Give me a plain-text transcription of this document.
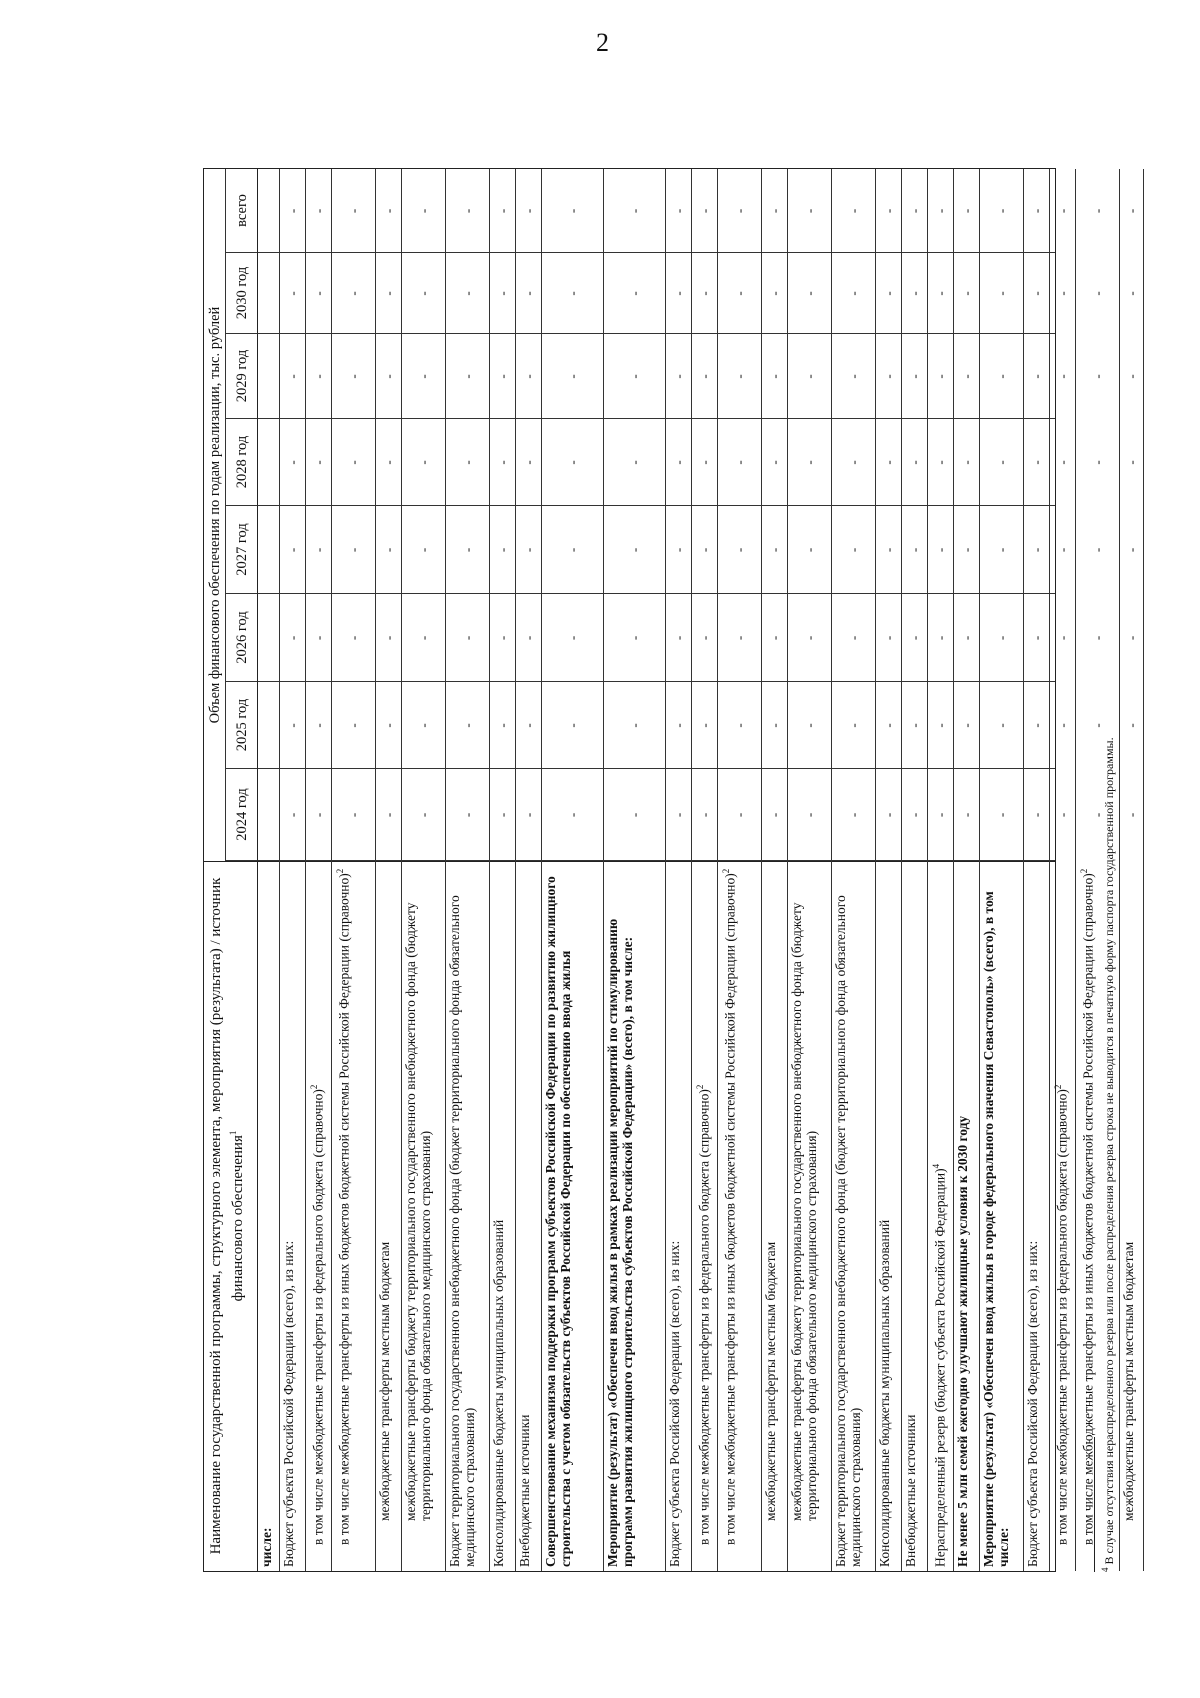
2
Наименование государственной программы, структурного элемента, мероприятия (результата) / источник финансового обеспечения$^1$
Объем финансового обеспечения по годам реализации, тыс. рублей
2024 год
2025 год
2026 год
2027 год
2028 год
2029 год
2030 год
всего
числе: Бюджет субъекта Российской Федерации (всего), из них:
-
-
-
-
-
-
-
-
в том числе межбюджетные трансферты из федерального бюджета (справочно)$^2$
-
-
-
-
-
-
-
-
в том числе межбюджетные трансферты из иных бюджетов бюджетной системы Российской Федерации (справочно)$^2$
-
-
-
-
-
-
-
-
межбюджетные трансферты местным бюджетам
-
-
-
-
-
-
-
-
межбюджетные трансферты бюджету территориального государственного внебюджетного фонда (бюджету территориального фонда обязательного медицинского страхования)
-
-
-
-
-
-
-
-
Бюджет территориального государственного внебюджетного фонда (бюджет территориального фонда обязательного медицинского страхования)
-
-
-
-
-
-
-
-
Консолидированные бюджеты муниципальных образований
-
-
-
-
-
-
-
-
Внебюджетные источники
-
-
-
-
-
-
-
-
Совершенствование механизма поддержки программ субъектов Российской Федерации по развитию жилищного строительства с учетом обязательств субъектов Российской Федерации по обеспечению ввода жилья
-
-
-
-
-
-
-
-
Мероприятие (результат) «Обеспечен ввод жилья в рамках реализации мероприятий по стимулированию программ развития жилищного строительства субъектов Российской Федерации» (всего), в том числе:
-
-
-
-
-
-
-
-
Бюджет субъекта Российской Федерации (всего), из них:
-
-
-
-
-
-
-
-
в том числе межбюджетные трансферты из федерального бюджета (справочно)$^2$
-
-
-
-
-
-
-
-
в том числе межбюджетные трансферты из иных бюджетов бюджетной системы Российской Федерации (справочно)$^2$
-
-
-
-
-
-
-
-
межбюджетные трансферты местным бюджетам
-
-
-
-
-
-
-
-
межбюджетные трансферты бюджету территориального государственного внебюджетного фонда (бюджету территориального фонда обязательного медицинского страхования)
-
-
-
-
-
-
-
-
Бюджет территориального государственного внебюджетного фонда (бюджет территориального фонда обязательного медицинского страхования)
-
-
-
-
-
-
-
-
Консолидированные бюджеты муниципальных образований
-
-
-
-
-
-
-
-
Внебюджетные источники
-
-
-
-
-
-
-
-
Нераспределенный резерв (бюджет субъекта Российской Федерации)$^4$
-
-
-
-
-
-
-
-
Не менее 5 млн семей ежегодно улучшают жилищные условия к 2030 году
-
-
-
-
-
-
-
-
Мероприятие (результат) «Обеспечен ввод жилья в городе федерального значения Севастополь» (всего), в том числе:
-
-
-
-
-
-
-
-
Бюджет субъекта Российской Федерации (всего), из них:
-
-
-
-
-
-
-
-
в том числе межбюджетные трансферты из федерального бюджета (справочно)$^2$
-
-
-
-
-
-
-
-
в том числе межбюджетные трансферты из иных бюджетов бюджетной системы Российской Федерации (справочно)$^2$
-
-
-
-
-
-
-
-
межбюджетные трансферты местным бюджетам
-
-
-
-
-
-
-
-
$^4$ В случае отсутствия нераспределенного резерва или после распределения резерва строка не выводится в печатную форму паспорта государственной программы.
